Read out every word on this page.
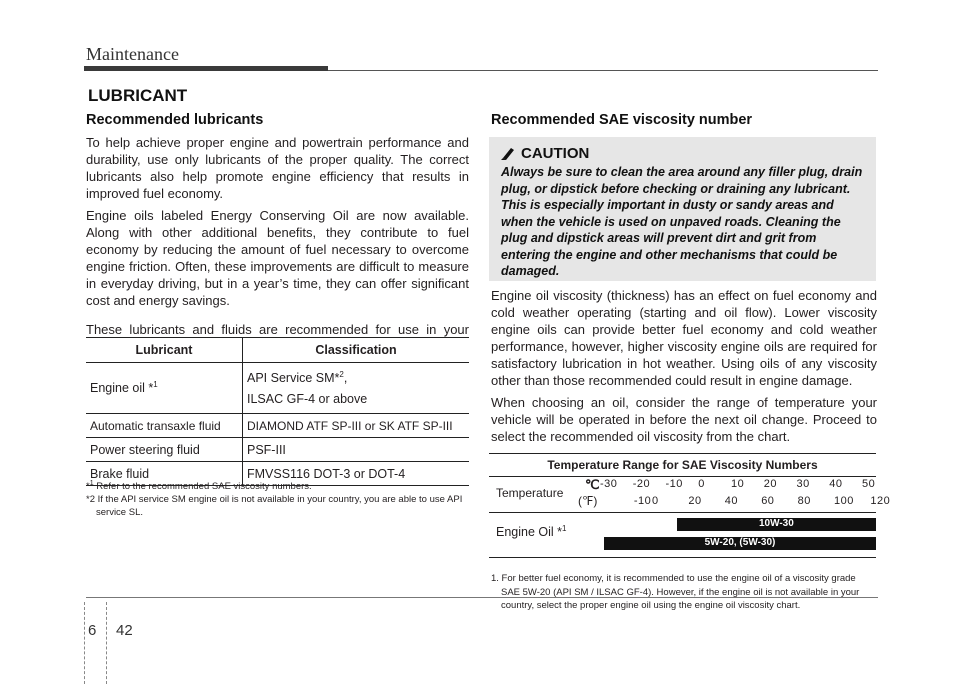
Maintenance
LUBRICANT
Recommended lubricants

To help achieve proper engine and powertrain performance and durability, use only lubricants of the proper quality. The correct lubricants also help promote engine efficiency that results in improved fuel economy.

Engine oils labeled Energy Conserving Oil are now available. Along with other additional benefits, they contribute to fuel economy by reducing the amount of fuel necessary to overcome engine friction. Often, these improvements are difficult to measure in everyday driving, but in a year’s time, they can offer significant cost and energy savings.

These lubricants and fluids are recommended for use in your vehicle. Lubricant	Classification
Engine oil *$^1$	API Service SM*$^2$,
ILSAC GF-4 or above

Automatic transaxle fluid	DIAMOND ATF SP-III or SK ATF SP-III
Power steering fluid	PSF-III
Brake fluid	FMVSS116 DOT-3 or DOT-4
*$^1$ Refer to the recommended SAE viscosity numbers.
*2 If the API service SM engine oil is not available in your country, you are able to use API service SL.
Recommended SAE viscosity number
CAUTION
Always be sure to clean the area around any filler plug, drain plug, or dipstick before checking or draining any lubricant. This is especially important in dusty or sandy areas and when the vehicle is used on unpaved roads. Cleaning the plug and dipstick areas will prevent dirt and grit from entering the engine and other mechanisms that could be damaged.

Engine oil viscosity (thickness) has an effect on fuel economy and cold weather operating (starting and oil flow). Lower viscosity engine oils can provide better fuel economy and cold weather performance, however, higher viscosity engine oils are required for satisfactory lubrication in hot weather. Using oils of any viscosity other than those recommended could result in engine damage.

When choosing an oil, consider the range of temperature your vehicle will be operated in before the next oil change. Proceed to select the recommended oil viscosity from the chart.

Temperature Range for SAE Viscosity Numbers
Temperature
℃
(℉)
-30 -20 -10 0 10 20 30 40 50
-10 0	20 40 60 80 100 120
Engine Oil *$^1$	10W-30
5W-20, (5W-30)
1. For better fuel economy, it is recommended to use the engine oil of a viscosity grade SAE 5W-20 (API SM / ILSAC GF-4). However, if the engine oil is not available in your country, select the proper engine oil using the engine oil viscosity chart.
6 42
